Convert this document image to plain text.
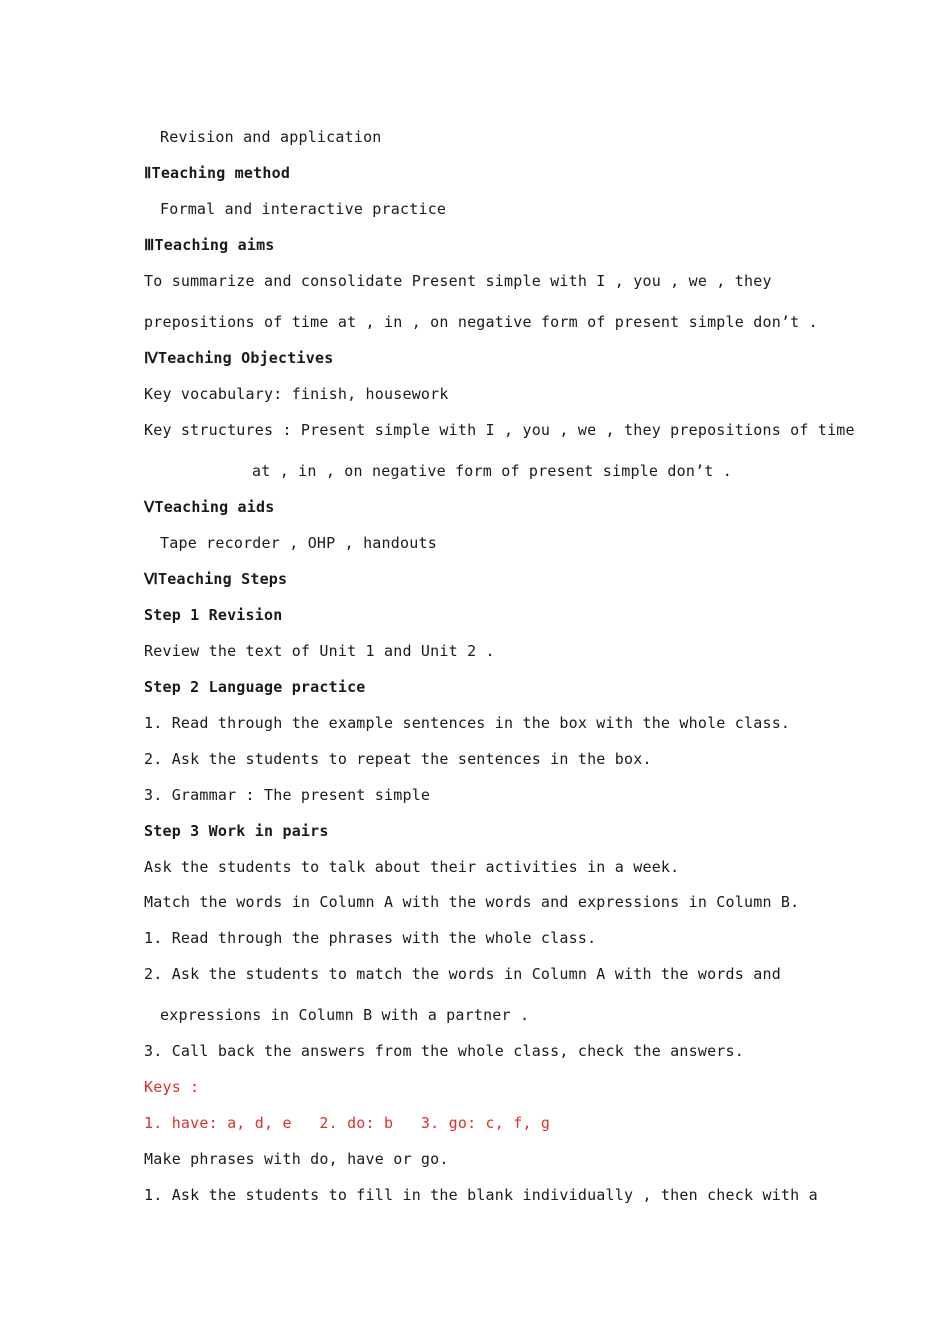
Revision and application
ⅡTeaching method
Formal and interactive practice
ⅢTeaching aims
To summarize and consolidate Present simple with I , you , we , they
prepositions of time at , in , on negative form of present simple don’t .
ⅣTeaching Objectives
Key vocabulary: finish, housework
Key structures : Present simple with I , you , we , they prepositions of time
at , in , on negative form of present simple don’t .
ⅤTeaching aids
Tape recorder , OHP , handouts
ⅥTeaching Steps
Step 1 Revision
Review the text of Unit 1 and Unit 2 .
Step 2 Language practice
1. Read through the example sentences in the box with the whole class.
2. Ask the students to repeat the sentences in the box.
3. Grammar : The present simple
Step 3 Work in pairs
Ask the students to talk about their activities in a week.
Match the words in Column A with the words and expressions in Column B.
1. Read through the phrases with the whole class.
2. Ask the students to match the words in Column A with the words and
expressions in Column B with a partner .
3. Call back the answers from the whole class, check the answers.
Keys :
1. have: a, d, e   2. do: b   3. go: c, f, g
Make phrases with do, have or go.
1. Ask the students to fill in the blank individually , then check with a
